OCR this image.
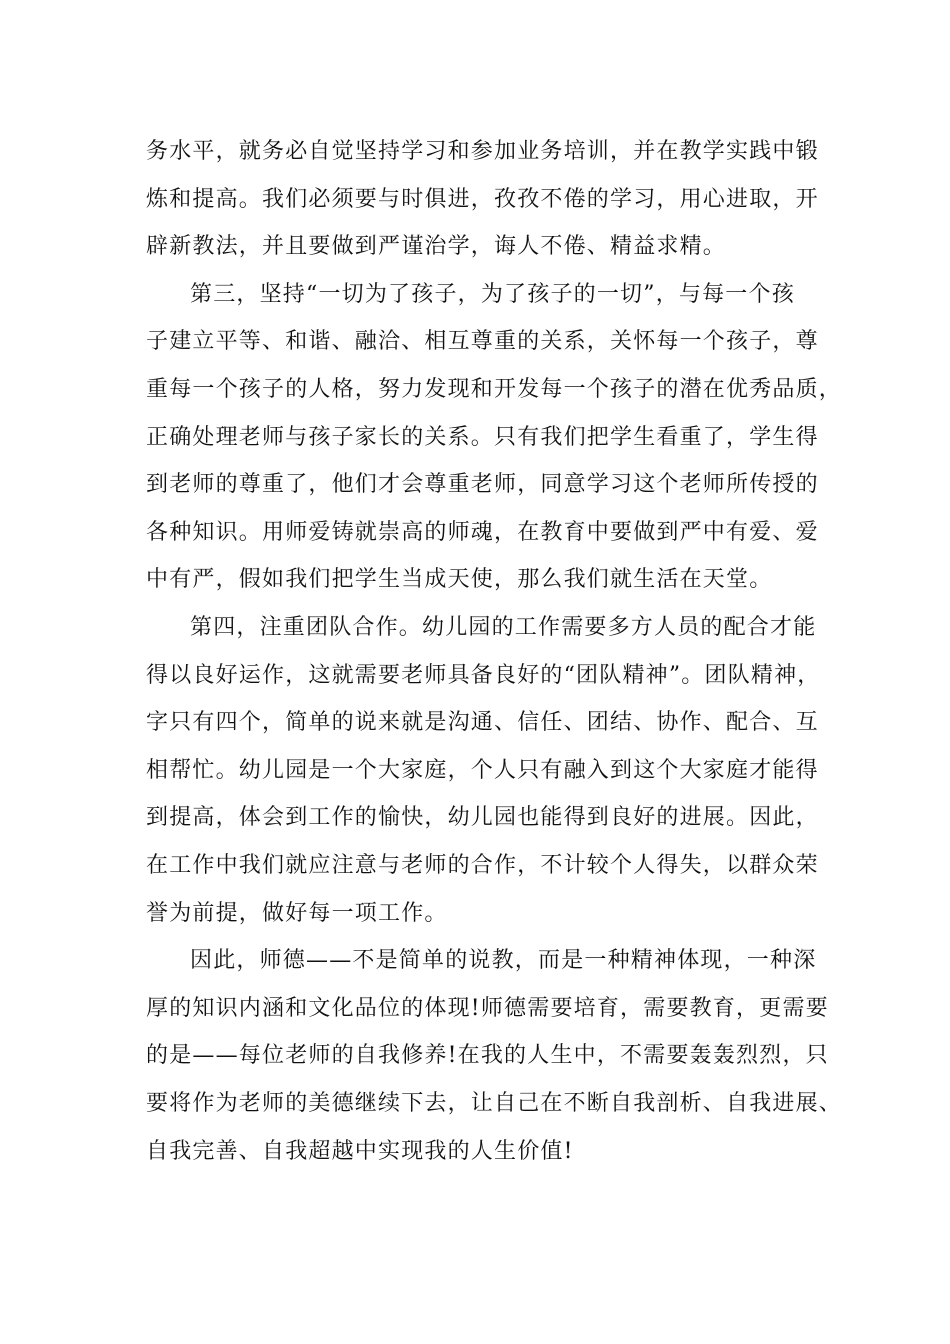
务水平，就务必自觉坚持学习和参加业务培训，并在教学实践中锻
炼和提高。我们必须要与时俱进，孜孜不倦的学习，用心进取，开
辟新教法，并且要做到严谨治学，诲人不倦、精益求精。
第三，坚持“一切为了孩子，为了孩子的一切”，与每一个孩
子建立平等、和谐、融洽、相互尊重的关系，关怀每一个孩子，尊
重每一个孩子的人格，努力发现和开发每一个孩子的潜在优秀品质，
正确处理老师与孩子家长的关系。只有我们把学生看重了，学生得
到老师的尊重了，他们才会尊重老师，同意学习这个老师所传授的
各种知识。用师爱铸就崇高的师魂，在教育中要做到严中有爱、爱
中有严，假如我们把学生当成天使，那么我们就生活在天堂。
第四，注重团队合作。幼儿园的工作需要多方人员的配合才能
得以良好运作，这就需要老师具备良好的“团队精神”。团队精神，
字只有四个，简单的说来就是沟通、信任、团结、协作、配合、互
相帮忙。幼儿园是一个大家庭，个人只有融入到这个大家庭才能得
到提高，体会到工作的愉快，幼儿园也能得到良好的进展。因此，
在工作中我们就应注意与老师的合作，不计较个人得失，以群众荣
誉为前提，做好每一项工作。
因此，师德——不是简单的说教，而是一种精神体现，一种深
厚的知识内涵和文化品位的体现!师德需要培育，需要教育，更需要
的是——每位老师的自我修养!在我的人生中，不需要轰轰烈烈，只
要将作为老师的美德继续下去，让自己在不断自我剖析、自我进展、
自我完善、自我超越中实现我的人生价值!
